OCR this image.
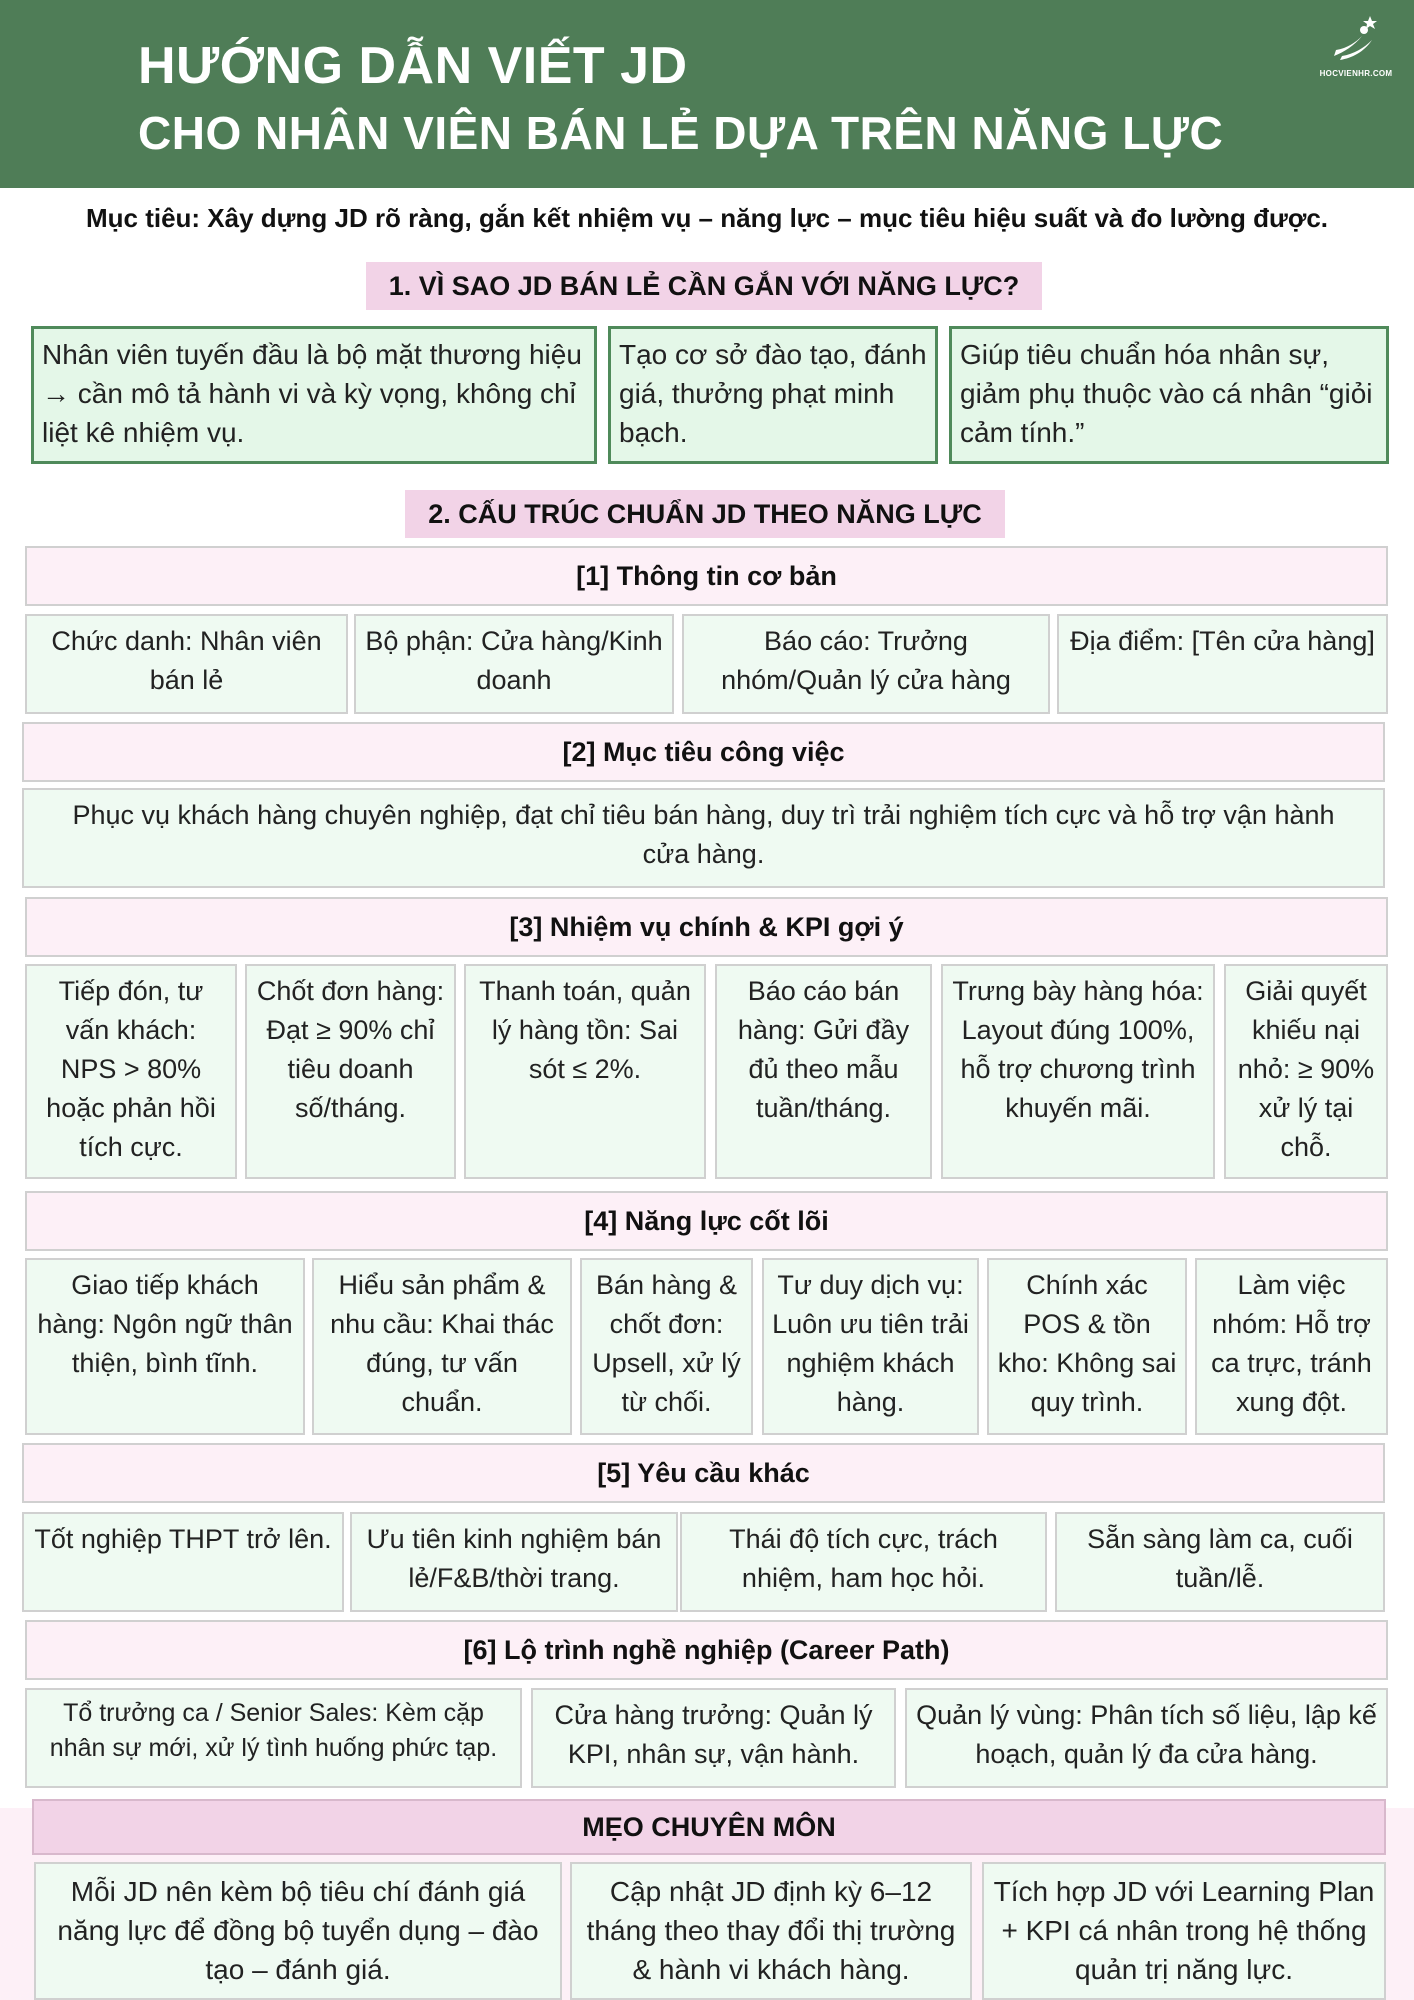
HƯỚNG DẪN VIẾT JD
CHO NHÂN VIÊN BÁN LẺ DỰA TRÊN NĂNG LỰC
HOCVIENHR.COM
Mục tiêu: Xây dựng JD rõ ràng, gắn kết nhiệm vụ – năng lực – mục tiêu hiệu suất và đo lường được.
1. VÌ SAO JD BÁN LẺ CẦN GẮN VỚI NĂNG LỰC?
Nhân viên tuyến đầu là bộ mặt thương hiệu → cần mô tả hành vi và kỳ vọng, không chỉ liệt kê nhiệm vụ.
Tạo cơ sở đào tạo, đánh giá, thưởng phạt minh bạch.
Giúp tiêu chuẩn hóa nhân sự, giảm phụ thuộc vào cá nhân “giỏi cảm tính.”
2. CẤU TRÚC CHUẨN JD THEO NĂNG LỰC
[1] Thông tin cơ bản
Chức danh: Nhân viên bán lẻ
Bộ phận: Cửa hàng/Kinh doanh
Báo cáo: Trưởng nhóm/Quản lý cửa hàng
Địa điểm: [Tên cửa hàng]
[2] Mục tiêu công việc
Phục vụ khách hàng chuyên nghiệp, đạt chỉ tiêu bán hàng, duy trì trải nghiệm tích cực và hỗ trợ vận hành cửa hàng.
[3] Nhiệm vụ chính & KPI gợi ý
Tiếp đón, tư vấn khách: NPS > 80% hoặc phản hồi tích cực.
Chốt đơn hàng: Đạt ≥ 90% chỉ tiêu doanh số/tháng.
Thanh toán, quản lý hàng tồn: Sai sót ≤ 2%.
Báo cáo bán hàng: Gửi đầy đủ theo mẫu tuần/tháng.
Trưng bày hàng hóa: Layout đúng 100%, hỗ trợ chương trình khuyến mãi.
Giải quyết khiếu nại nhỏ: ≥ 90% xử lý tại chỗ.
[4] Năng lực cốt lõi
Giao tiếp khách hàng: Ngôn ngữ thân thiện, bình tĩnh.
Hiểu sản phẩm & nhu cầu: Khai thác đúng, tư vấn chuẩn.
Bán hàng & chốt đơn: Upsell, xử lý từ chối.
Tư duy dịch vụ: Luôn ưu tiên trải nghiệm khách hàng.
Chính xác POS & tồn kho: Không sai quy trình.
Làm việc nhóm: Hỗ trợ ca trực, tránh xung đột.
[5] Yêu cầu khác
Tốt nghiệp THPT trở lên.	Ưu tiên kinh nghiệm bán lẻ/F&B/thời trang.
Thái độ tích cực, trách nhiệm, ham học hỏi.
Sẵn sàng làm ca, cuối tuần/lễ.
[6] Lộ trình nghề nghiệp (Career Path)
Tổ trưởng ca / Senior Sales: Kèm cặp nhân sự mới, xử lý tình huống phức tạp.
Cửa hàng trưởng: Quản lý KPI, nhân sự, vận hành.
Quản lý vùng: Phân tích số liệu, lập kế hoạch, quản lý đa cửa hàng.
MẸO CHUYÊN MÔN
Mỗi JD nên kèm bộ tiêu chí đánh giá năng lực để đồng bộ tuyển dụng – đào tạo – đánh giá.
Cập nhật JD định kỳ 6–12 tháng theo thay đổi thị trường & hành vi khách hàng.
Tích hợp JD với Learning Plan + KPI cá nhân trong hệ thống quản trị năng lực.
